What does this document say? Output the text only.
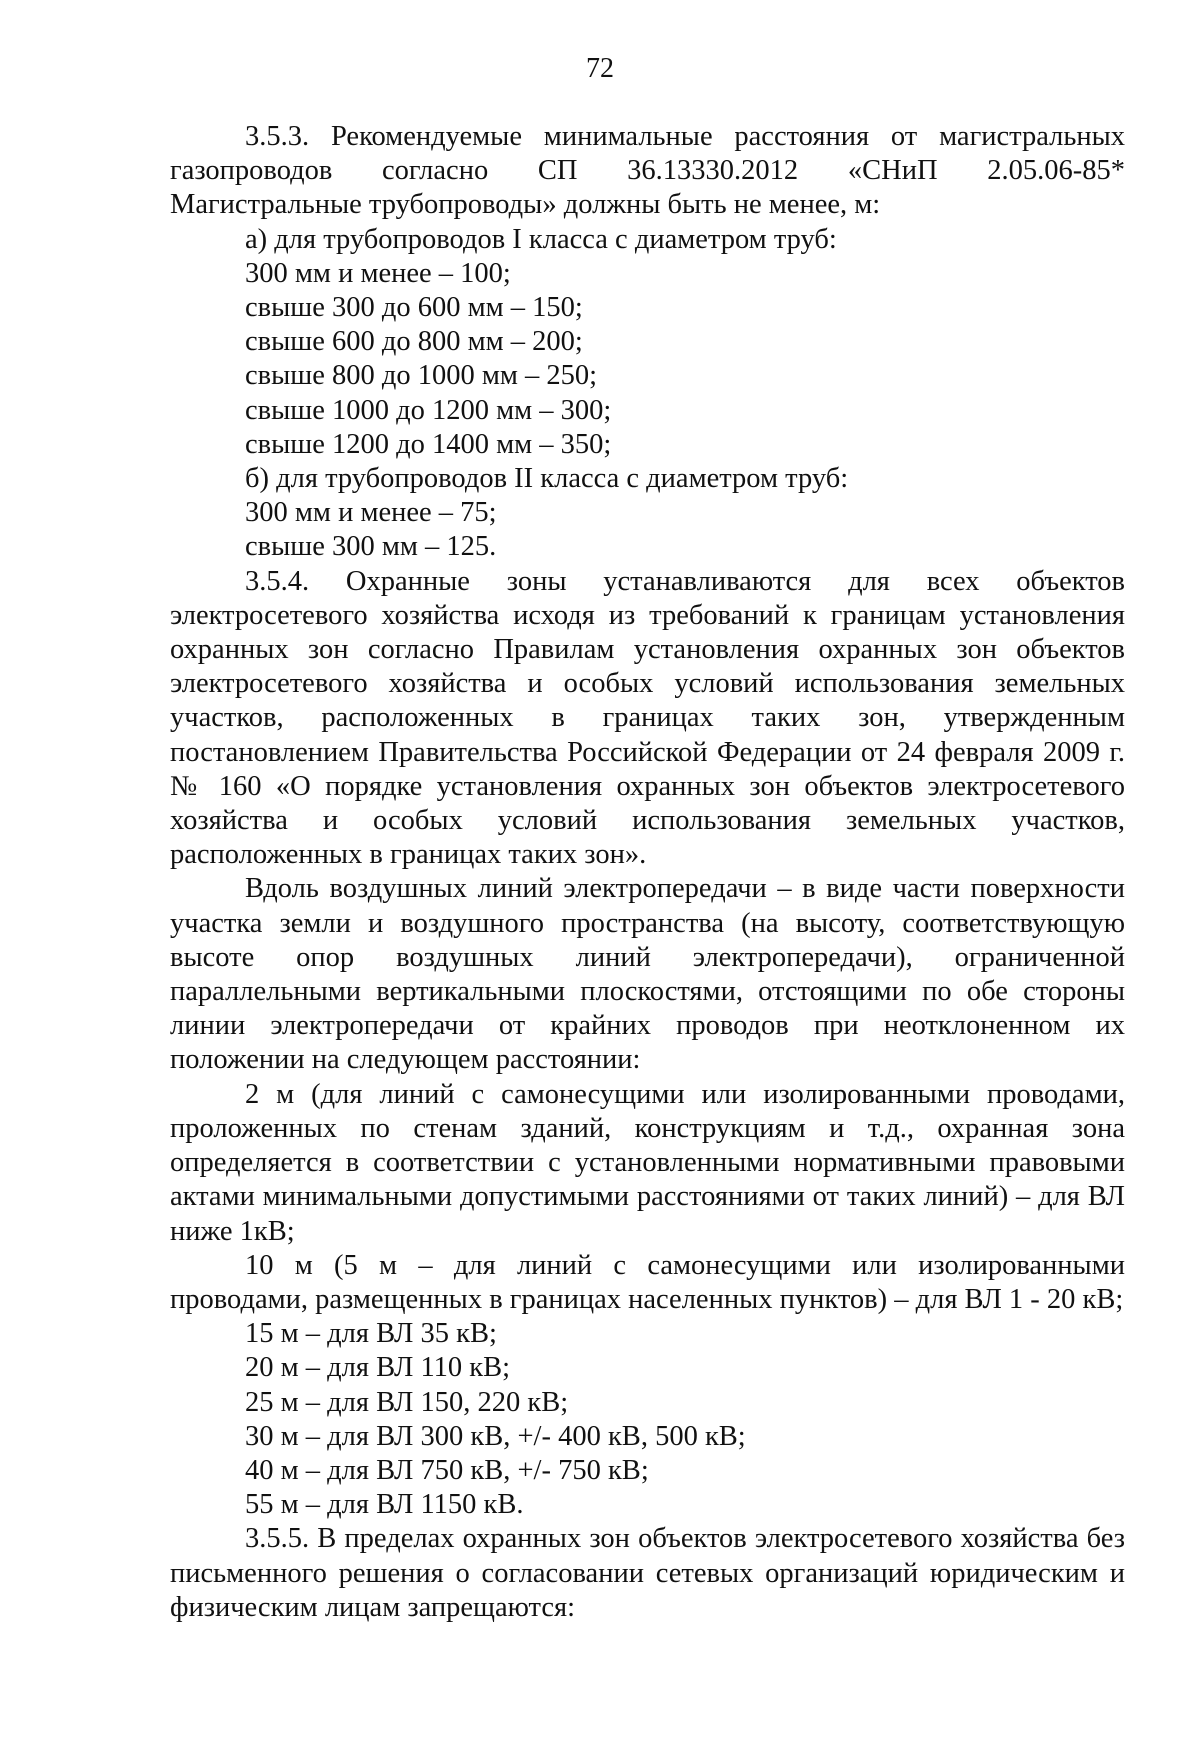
72

3.5.3. Рекомендуемые минимальные расстояния от магистральных

газопроводов согласно СП 36.13330.2012 «СНиП 2.05.06-85*

Магистральные трубопроводы» должны быть не менее, м:

а) для трубопроводов I класса с диаметром труб:

300 мм и менее – 100;

свыше 300 до 600 мм – 150;

свыше 600 до 800 мм – 200;

свыше 800 до 1000 мм – 250;

свыше 1000 до 1200 мм – 300;

свыше 1200 до 1400 мм – 350;

б) для трубопроводов II класса с диаметром труб:

300 мм и менее – 75;

свыше 300 мм – 125.

3.5.4. Охранные зоны устанавливаются для всех объектов электросетевого хозяйства исходя из требований к границам установления охранных зон согласно Правилам установления охранных зон объектов электросетевого хозяйства и особых условий использования земельных участков, расположенных в границах таких зон, утвержденным постановлением Правительства Российской Федерации от 24 февраля 2009 г. № 160 «О порядке установления охранных зон объектов электросетевого хозяйства и особых условий использования земельных участков, расположенных в границах таких зон».

Вдоль воздушных линий электропередачи – в виде части поверхности участка земли и воздушного пространства (на высоту, соответствующую высоте опор воздушных линий электропередачи), ограниченной параллельными вертикальными плоскостями, отстоящими по обе стороны линии электропередачи от крайних проводов при неотклоненном их положении на следующем расстоянии:

2 м (для линий с самонесущими или изолированными проводами, проложенных по стенам зданий, конструкциям и т.д., охранная зона определяется в соответствии с установленными нормативными правовыми актами минимальными допустимыми расстояниями от таких линий) – для ВЛ ниже 1кВ;

10 м (5 м – для линий с самонесущими или изолированными проводами, размещенных в границах населенных пунктов) – для ВЛ 1 - 20 кВ;

15 м – для ВЛ 35 кВ;

20 м – для ВЛ 110 кВ;

25 м – для ВЛ 150, 220 кВ;

30 м – для ВЛ 300 кВ, +/- 400 кВ, 500 кВ;

40 м – для ВЛ 750 кВ, +/- 750 кВ;

55 м – для ВЛ 1150 кВ.

3.5.5. В пределах охранных зон объектов электросетевого хозяйства без письменного решения о согласовании сетевых организаций юридическим и физическим лицам запрещаются:
